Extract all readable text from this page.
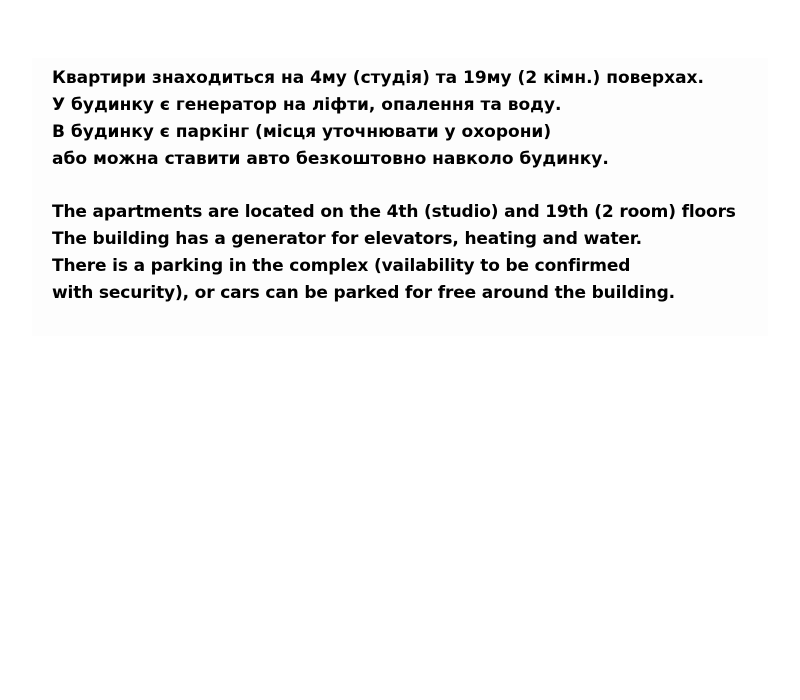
Квартири знаходиться на 4му (студія) та 19му (2 кімн.) поверхах.
У будинку є генератор на ліфти, опалення та воду.
В будинку є паркінг (місця уточнювати у охорони)
або можна ставити авто безкоштовно навколо будинку.

The apartments are located on the 4th (studio) and 19th (2 room) floors
The building has a generator for elevators, heating and water.
There is a parking in the complex (vailability to be confirmed
with security), or cars can be parked for free around the building.
